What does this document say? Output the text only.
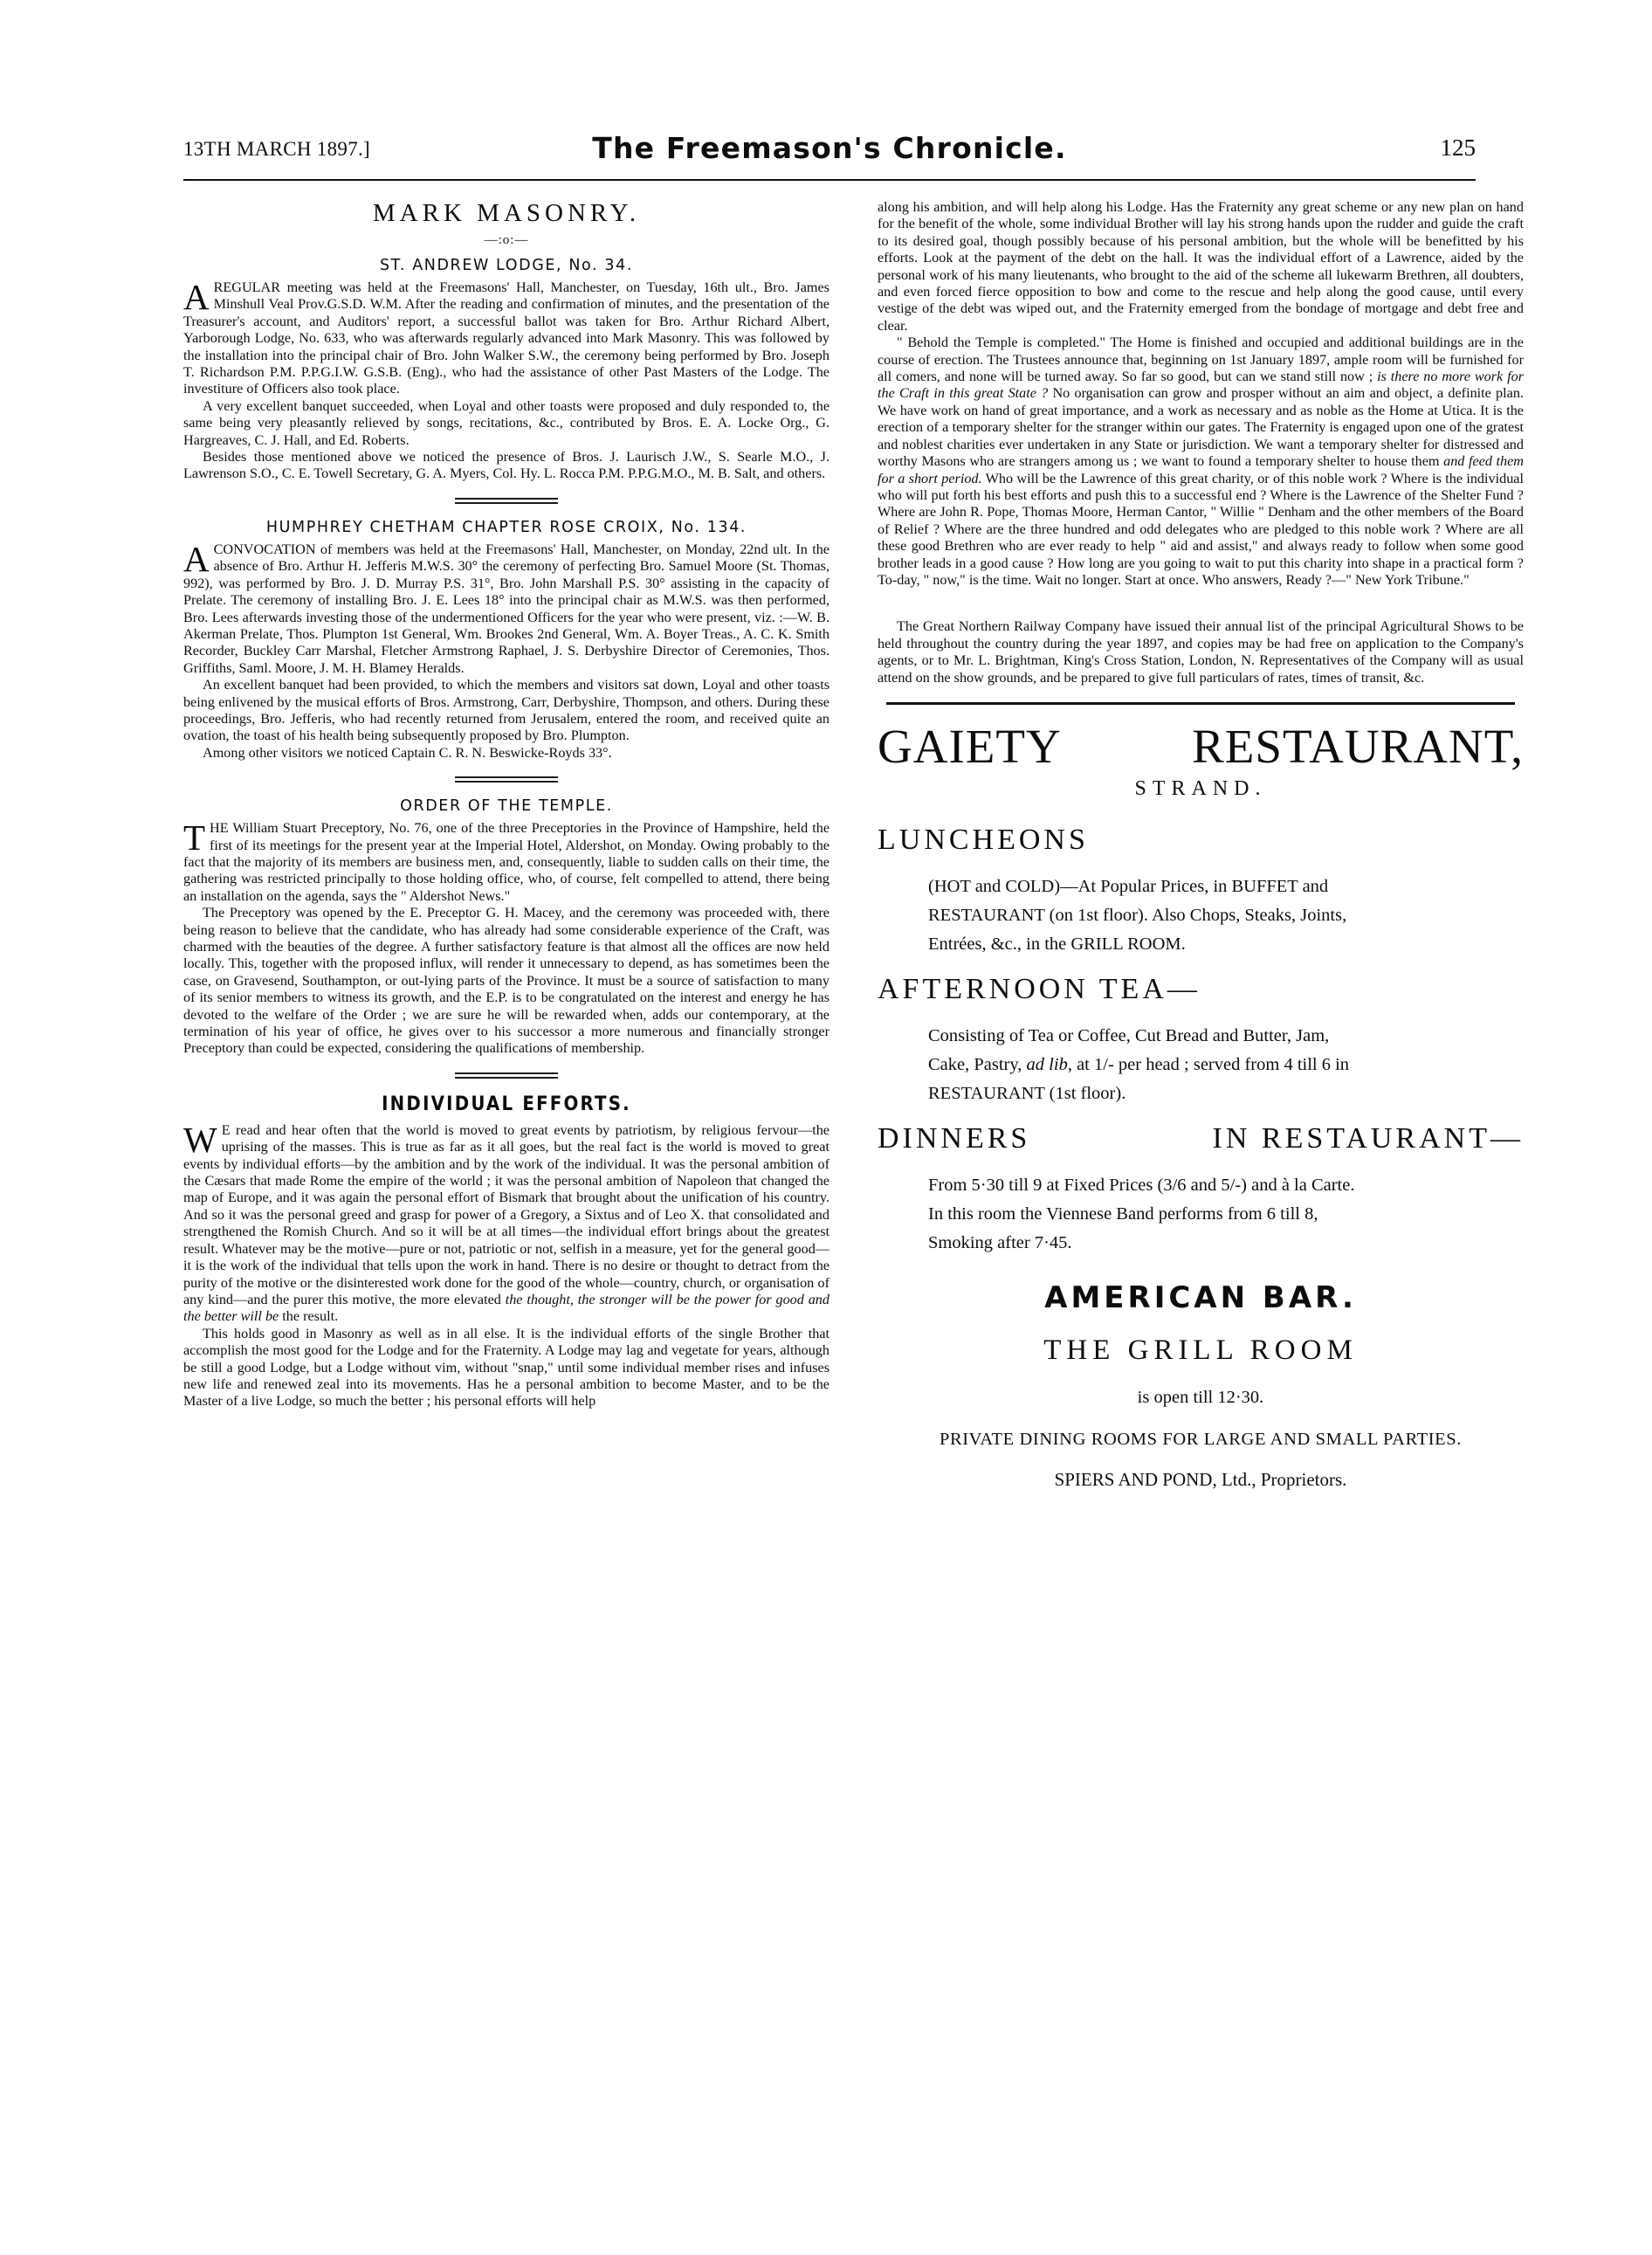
13TH MARCH 1897.]	The Freemason's Chronicle.	125
MARK MASONRY.
—:o:—
ST. ANDREW LODGE, No. 34.
A REGULAR meeting was held at the Freemasons' Hall, Manchester, on Tuesday, 16th ult., Bro. James Minshull Veal Prov.G.S.D. W.M. After the reading and confirmation of minutes, and the presentation of the Treasurer's account, and Auditors' report, a successful ballot was taken for Bro. Arthur Richard Albert, Yarborough Lodge, No. 633, who was afterwards regularly advanced into Mark Masonry. This was followed by the installation into the principal chair of Bro. John Walker S.W., the ceremony being performed by Bro. Joseph T. Richardson P.M. P.P.G.I.W. G.S.B. (Eng)., who had the assistance of other Past Masters of the Lodge. The investiture of Officers also took place.

A very excellent banquet succeeded, when Loyal and other toasts were proposed and duly responded to, the same being very pleasantly relieved by songs, recitations, &c., contributed by Bros. E. A. Locke Org., G. Hargreaves, C. J. Hall, and Ed. Roberts.

Besides those mentioned above we noticed the presence of Bros. J. Laurisch J.W., S. Searle M.O., J. Lawrenson S.O., C. E. Towell Secretary, G. A. Myers, Col. Hy. L. Rocca P.M. P.P.G.M.O., M. B. Salt, and others.

HUMPHREY CHETHAM CHAPTER ROSE CROIX, No. 134.
A CONVOCATION of members was held at the Freemasons' Hall, Manchester, on Monday, 22nd ult. In the absence of Bro. Arthur H. Jefferis M.W.S. 30° the ceremony of perfecting Bro. Samuel Moore (St. Thomas, 992), was performed by Bro. J. D. Murray P.S. 31°, Bro. John Marshall P.S. 30° assisting in the capacity of Prelate. The ceremony of installing Bro. J. E. Lees 18° into the principal chair as M.W.S. was then performed, Bro. Lees afterwards investing those of the undermentioned Officers for the year who were present, viz. :—W. B. Akerman Prelate, Thos. Plumpton 1st General, Wm. Brookes 2nd General, Wm. A. Boyer Treas., A. C. K. Smith Recorder, Buckley Carr Marshal, Fletcher Armstrong Raphael, J. S. Derbyshire Director of Ceremonies, Thos. Griffiths, Saml. Moore, J. M. H. Blamey Heralds.

An excellent banquet had been provided, to which the members and visitors sat down, Loyal and other toasts being enlivened by the musical efforts of Bros. Armstrong, Carr, Derbyshire, Thompson, and others. During these proceedings, Bro. Jefferis, who had recently returned from Jerusalem, entered the room, and received quite an ovation, the toast of his health being subsequently proposed by Bro. Plumpton.

Among other visitors we noticed Captain C. R. N. Beswicke-Royds 33°.

ORDER OF THE TEMPLE.
T HE William Stuart Preceptory, No. 76, one of the three Preceptories in the Province of Hampshire, held the first of its meetings for the present year at the Imperial Hotel, Aldershot, on Monday. Owing probably to the fact that the majority of its members are business men, and, consequently, liable to sudden calls on their time, the gathering was restricted principally to those holding office, who, of course, felt compelled to attend, there being an installation on the agenda, says the " Aldershot News."

The Preceptory was opened by the E. Preceptor G. H. Macey, and the ceremony was proceeded with, there being reason to believe that the candidate, who has already had some considerable experience of the Craft, was charmed with the beauties of the degree. A further satisfactory feature is that almost all the offices are now held locally. This, together with the proposed influx, will render it unnecessary to depend, as has sometimes been the case, on Gravesend, Southampton, or out-lying parts of the Province. It must be a source of satisfaction to many of its senior members to witness its growth, and the E.P. is to be congratulated on the interest and energy he has devoted to the welfare of the Order ; we are sure he will be rewarded when, adds our contemporary, at the termination of his year of office, he gives over to his successor a more numerous and financially stronger Preceptory than could be expected, considering the qualifications of membership.

INDIVIDUAL EFFORTS.
W E read and hear often that the world is moved to great events by patriotism, by religious fervour—the uprising of the masses. This is true as far as it all goes, but the real fact is the world is moved to great events by individual efforts—by the ambition and by the work of the individual. It was the personal ambition of the Cæsars that made Rome the empire of the world ; it was the personal ambition of Napoleon that changed the map of Europe, and it was again the personal effort of Bismark that brought about the unification of his country. And so it was the personal greed and grasp for power of a Gregory, a Sixtus and of Leo X. that consolidated and strengthened the Romish Church. And so it will be at all times—the individual effort brings about the greatest result. Whatever may be the motive—pure or not, patriotic or not, selfish in a measure, yet for the general good—it is the work of the individual that tells upon the work in hand. There is no desire or thought to detract from the purity of the motive or the disinterested work done for the good of the whole—country, church, or organisation of any kind—and the purer this motive, the more elevated the thought, the stronger will be the power for good and the better will be the result.

This holds good in Masonry as well as in all else. It is the individual efforts of the single Brother that accomplish the most good for the Lodge and for the Fraternity. A Lodge may lag and vegetate for years, although be still a good Lodge, but a Lodge without vim, without "snap," until some individual member rises and infuses new life and renewed zeal into its movements. Has he a personal ambition to become Master, and to be the Master of a live Lodge, so much the better ; his personal efforts will help

along his ambition, and will help along his Lodge. Has the Fraternity any great scheme or any new plan on hand for the benefit of the whole, some individual Brother will lay his strong hands upon the rudder and guide the craft to its desired goal, though possibly because of his personal ambition, but the whole will be benefitted by his efforts. Look at the payment of the debt on the hall. It was the individual effort of a Lawrence, aided by the personal work of his many lieutenants, who brought to the aid of the scheme all lukewarm Brethren, all doubters, and even forced fierce opposition to bow and come to the rescue and help along the good cause, until every vestige of the debt was wiped out, and the Fraternity emerged from the bondage of mortgage and debt free and clear.

" Behold the Temple is completed." The Home is finished and occupied and additional buildings are in the course of erection. The Trustees announce that, beginning on 1st January 1897, ample room will be furnished for all comers, and none will be turned away. So far so good, but can we stand still now ; is there no more work for the Craft in this great State ? No organisation can grow and prosper without an aim and object, a definite plan. We have work on hand of great importance, and a work as necessary and as noble as the Home at Utica. It is the erection of a temporary shelter for the stranger within our gates. The Fraternity is engaged upon one of the gratest and noblest charities ever undertaken in any State or jurisdiction. We want a temporary shelter for distressed and worthy Masons who are strangers among us ; we want to found a temporary shelter to house them and feed them for a short period. Who will be the Lawrence of this great charity, or of this noble work ? Where is the individual who will put forth his best efforts and push this to a successful end ? Where is the Lawrence of the Shelter Fund ? Where are John R. Pope, Thomas Moore, Herman Cantor, " Willie " Denham and the other members of the Board of Relief ? Where are the three hundred and odd delegates who are pledged to this noble work ? Where are all these good Brethren who are ever ready to help " aid and assist," and always ready to follow when some good brother leads in a good cause ? How long are you going to wait to put this charity into shape in a practical form ? To-day, " now," is the time. Wait no longer. Start at once. Who answers, Ready ?—" New York Tribune."

The Great Northern Railway Company have issued their annual list of the principal Agricultural Shows to be held throughout the country during the year 1897, and copies may be had free on application to the Company's agents, or to Mr. L. Brightman, King's Cross Station, London, N. Representatives of the Company will as usual attend on the show grounds, and be prepared to give full particulars of rates, times of transit, &c.

GAIETY	RESTAURANT,
STRAND.
LUNCHEONS
(HOT and COLD)—At Popular Prices, in BUFFET and
RESTAURANT (on 1st floor). Also Chops, Steaks, Joints,
Entrées, &c., in the GRILL ROOM.
AFTERNOON TEA—
Consisting of Tea or Coffee, Cut Bread and Butter, Jam,
Cake, Pastry, ad lib, at 1/- per head ; served from 4 till 6 in
RESTAURANT (1st floor).
DINNERS	IN RESTAURANT—
From 5·30 till 9 at Fixed Prices (3/6 and 5/-) and à la Carte.
In this room the Viennese Band performs from 6 till 8,
Smoking after 7·45.
AMERICAN BAR.
THE GRILL ROOM
is open till 12·30.
PRIVATE DINING ROOMS FOR LARGE AND SMALL PARTIES.
SPIERS AND POND, Ltd., Proprietors.
